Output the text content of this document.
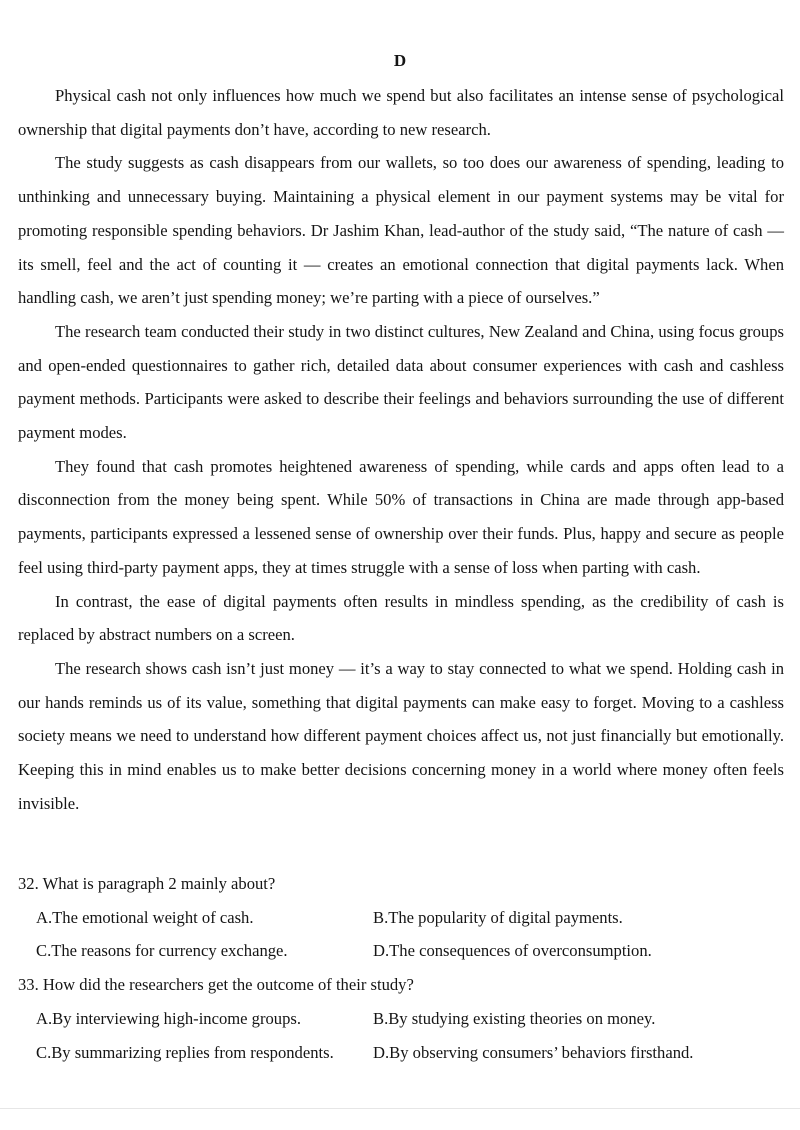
D

Physical cash not only influences how much we spend but also facilitates an intense sense of psychological ownership that digital payments don’t have, according to new research.

The study suggests as cash disappears from our wallets, so too does our awareness of spending, leading to unthinking and unnecessary buying. Maintaining a physical element in our payment systems may be vital for promoting responsible spending behaviors. Dr Jashim Khan, lead-author of the study said, “The nature of cash — its smell, feel and the act of counting it — creates an emotional connection that digital payments lack. When handling cash, we aren’t just spending money; we’re parting with a piece of ourselves.”

The research team conducted their study in two distinct cultures, New Zealand and China, using focus groups and open-ended questionnaires to gather rich, detailed data about consumer experiences with cash and cashless payment methods. Participants were asked to describe their feelings and behaviors surrounding the use of different payment modes.

They found that cash promotes heightened awareness of spending, while cards and apps often lead to a disconnection from the money being spent. While 50% of transactions in China are made through app-based payments, participants expressed a lessened sense of ownership over their funds. Plus, happy and secure as people feel using third-party payment apps, they at times struggle with a sense of loss when parting with cash.

In contrast, the ease of digital payments often results in mindless spending, as the credibility of cash is replaced by abstract numbers on a screen.

The research shows cash isn’t just money — it’s a way to stay connected to what we spend. Holding cash in our hands reminds us of its value, something that digital payments can make easy to forget. Moving to a cashless society means we need to understand how different payment choices affect us, not just financially but emotionally. Keeping this in mind enables us to make better decisions concerning money in a world where money often feels invisible.

32. What is paragraph 2 mainly about?
A.The emotional weight of cash.	B.The popularity of digital payments.
C.The reasons for currency exchange.	D.The consequences of overconsumption.
33. How did the researchers get the outcome of their study?
A.By interviewing high-income groups.	B.By studying existing theories on money.
C.By summarizing replies from respondents.	D.By observing consumers’ behaviors firsthand.
